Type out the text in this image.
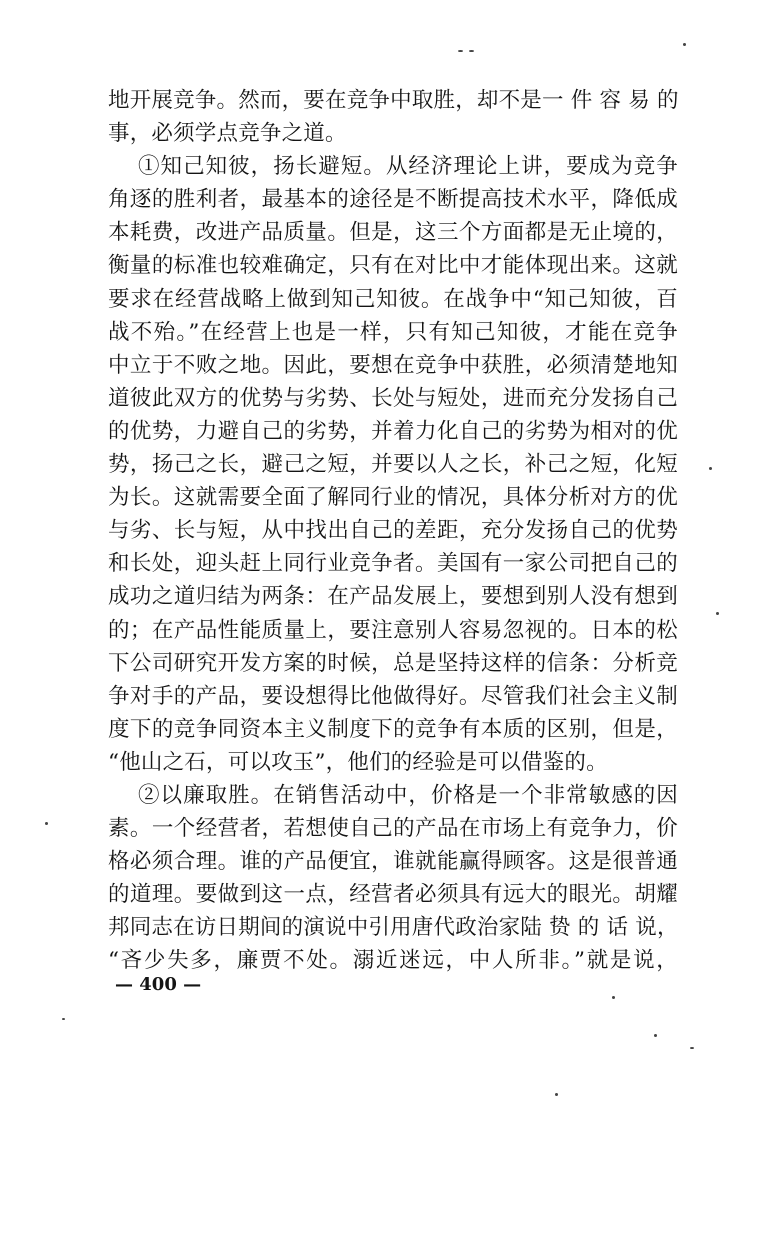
地开展竞争。然而，要在竞争中取胜，却不是一 件 容 易 的
事，必须学点竞争之道。
①知己知彼，扬长避短。从经济理论上讲，要成为竞争
角逐的胜利者，最基本的途径是不断提高技术水平，降低成
本耗费，改进产品质量。但是，这三个方面都是无止境的，
衡量的标准也较难确定，只有在对比中才能体现出来。这就
要求在经营战略上做到知己知彼。在战争中“知己知彼，百
战不殆。”在经营上也是一样，只有知己知彼，才能在竞争
中立于不败之地。因此，要想在竞争中获胜，必须清楚地知
道彼此双方的优势与劣势、长处与短处，进而充分发扬自己
的优势，力避自己的劣势，并着力化自己的劣势为相对的优
势，扬己之长，避己之短，并要以人之长，补己之短，化短
为长。这就需要全面了解同行业的情况，具体分析对方的优
与劣、长与短，从中找出自己的差距，充分发扬自己的优势
和长处，迎头赶上同行业竞争者。美国有一家公司把自己的
成功之道归结为两条：在产品发展上，要想到别人没有想到
的；在产品性能质量上，要注意别人容易忽视的。日本的松
下公司研究开发方案的时候，总是坚持这样的信条：分析竞
争对手的产品，要设想得比他做得好。尽管我们社会主义制
度下的竞争同资本主义制度下的竞争有本质的区别，但是，
“他山之石，可以攻玉”，他们的经验是可以借鉴的。
②以廉取胜。在销售活动中，价格是一个非常敏感的因
素。一个经营者，若想使自己的产品在市场上有竞争力，价
格必须合理。谁的产品便宜，谁就能赢得顾客。这是很普通
的道理。要做到这一点，经营者必须具有远大的眼光。胡耀
邦同志在访日期间的演说中引用唐代政治家陆 贽 的 话 说，
“吝少失多，廉贾不处。溺近迷远，中人所非。”就是说，
— 400 —
